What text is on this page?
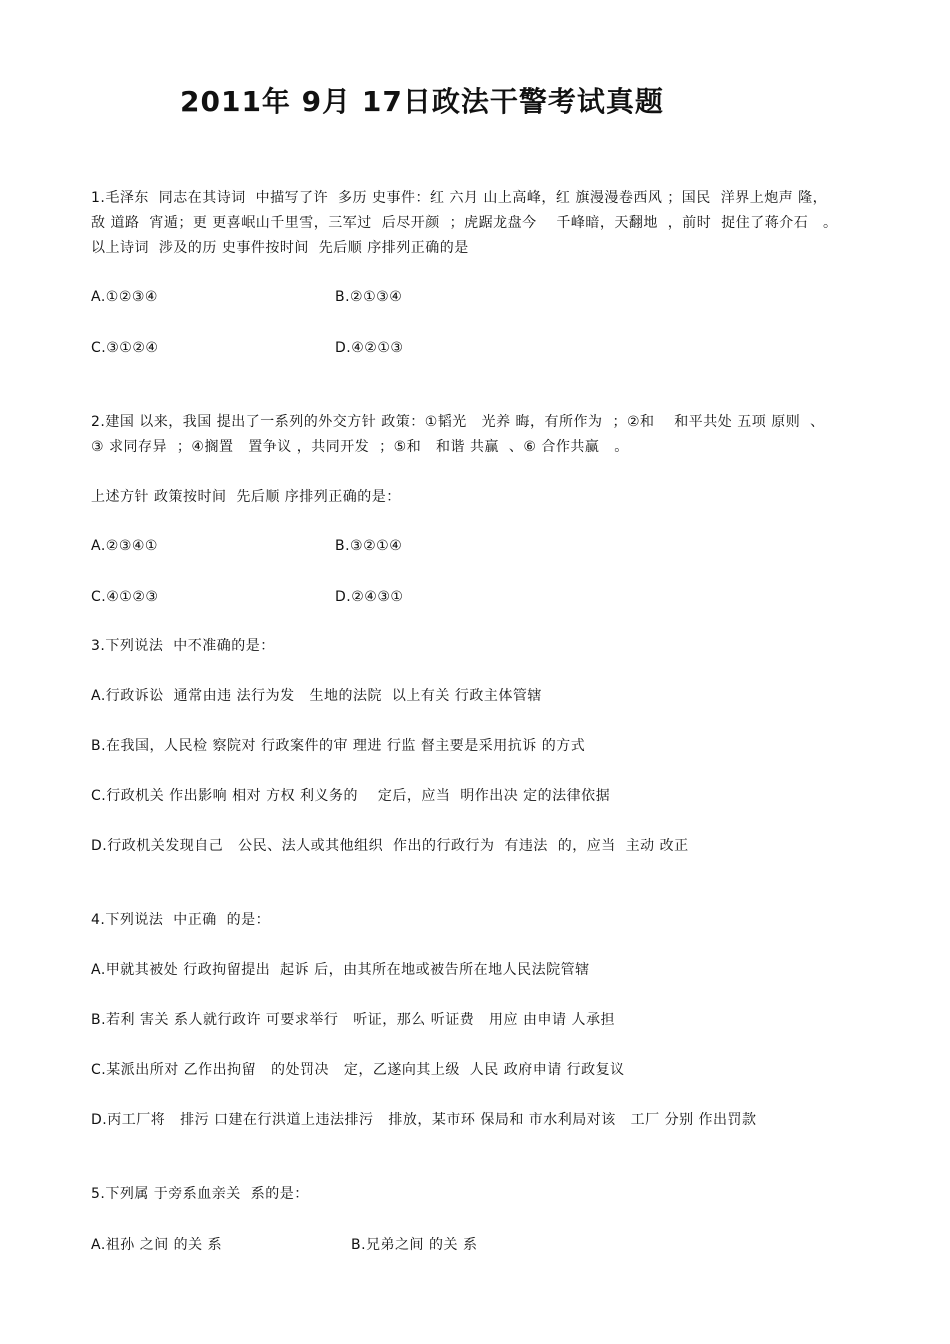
2011年 9月 17日政法干警考试真题
1.毛泽东  同志在其诗词  中描写了许  多历 史事件：红 六月 山上高峰，红 旗漫漫卷西风 ；国民  洋界上炮声 隆，
敌 道路  宵遁；更 更喜岷山千里雪，三军过  后尽开颜  ；虎踞龙盘今    千峰暗，天翻地  ，前时  捉住了蒋介石   。
以上诗词  涉及的历 史事件按时间  先后顺 序排列正确的是
A.①②③④	B.②①③④
C.③①②④	D.④②①③
2.建国 以来，我国 提出了一系列的外交方针 政策：①韬光   光养 晦，有所作为  ；②和    和平共处 五项 原则  、
③ 求同存异  ；④搁置   置争议 ，共同开发  ；⑤和   和谐 共赢  、⑥ 合作共赢   。
上述方针 政策按时间  先后顺 序排列正确的是：
A.②③④①	B.③②①④
C.④①②③	D.②④③①
3.下列说法  中不准确的是：
A.行政诉讼  通常由违 法行为发   生地的法院  以上有关 行政主体管辖
B.在我国，人民检 察院对 行政案件的审 理进 行监 督主要是采用抗诉 的方式
C.行政机关 作出影响 相对 方权 利义务的    定后，应当  明作出决 定的法律依据
D.行政机关发现自己   公民、法人或其他组织  作出的行政行为  有违法  的，应当  主动 改正
4.下列说法  中正确  的是：
A.甲就其被处 行政拘留提出  起诉 后，由其所在地或被告所在地人民法院管辖
B.若利 害关 系人就行政许 可要求举行   听证，那么 听证费   用应 由申请 人承担
C.某派出所对 乙作出拘留   的处罚决   定，乙遂向其上级  人民 政府申请 行政复议
D.丙工厂将   排污 口建在行洪道上违法排污   排放，某市环 保局和 市水利局对该   工厂 分别 作出罚款
5.下列属 于旁系血亲关  系的是：
A.祖孙 之间 的关 系	B.兄弟之间 的关 系
